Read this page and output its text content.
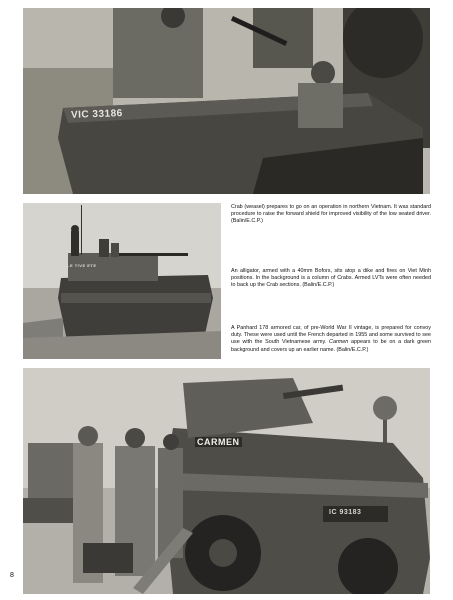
VIC 33186
LE TIVE ETE
Crab (weasel) prepares to go on an operation in northern Vietnam. It was standard procedure to raise the forward shield for improved visibility of the low seated driver. (Balin/E.C.P.)
An alligator, armed with a 40mm Bofors, sits atop a dike and fires on Viet Minh positions. In the background is a column of Crabs. Armed LVTs were often needed to back up the Crab sections. (Balin/E.C.P.)
A Panhard 178 armored car, of pre-World War II vintage, is prepared for convoy duty. These were used until the French departed in 1955 and some survived to see use with the South Vietnamese army. Carmen appears to be on a dark green background and covers up an earlier name. (Balin/E.C.P.)
CARMEN
IC 93183
8
